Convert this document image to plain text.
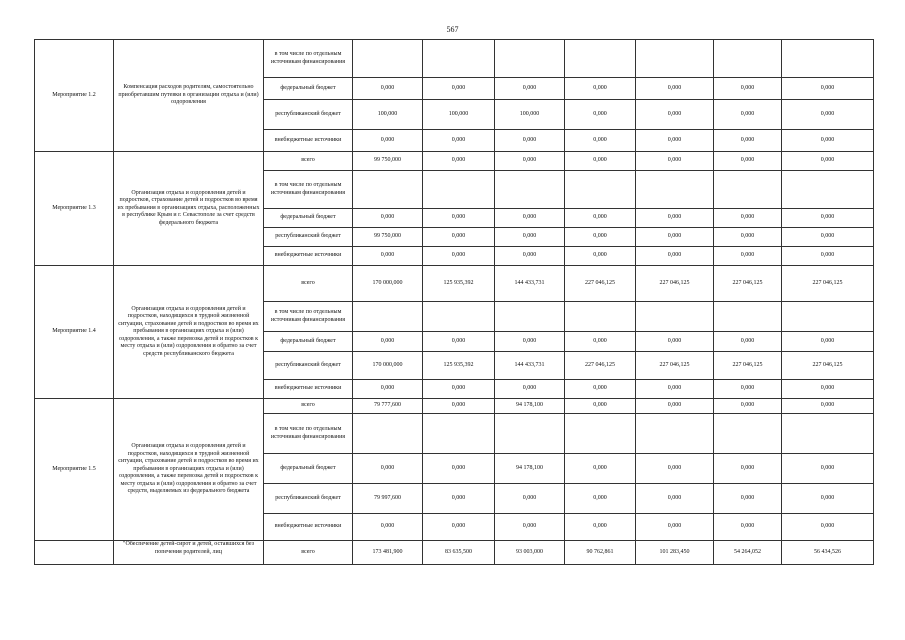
567
Мероприятие 1.2	Компенсация расходов родителям, самостоятельно приобретавшим путевки в организации отдыха и (или) оздоровления	в том числе по отдельным источникам финансирования							
		федеральный бюджет	0,000	0,000	0,000	0,000	0,000	0,000	0,000
		республиканский бюджет	100,000	100,000	100,000	0,000	0,000	0,000	0,000
		внебюджетные источники	0,000	0,000	0,000	0,000	0,000	0,000	0,000
Мероприятие 1.3	Организация отдыха и оздоровления детей и подростков, страхование детей и подростков во время их пребывания в организациях отдыха, расположенных в республике Крым и г. Севастополе за счет средств федерального бюджета	всего	99 750,000	0,000	0,000	0,000	0,000	0,000	0,000
		в том числе по отдельным источникам финансирования							
		федеральный бюджет	0,000	0,000	0,000	0,000	0,000	0,000	0,000
		республиканский бюджет	99 750,000	0,000	0,000	0,000	0,000	0,000	0,000
		внебюджетные источники	0,000	0,000	0,000	0,000	0,000	0,000	0,000
Мероприятие 1.4	Организация отдыха и оздоровления детей и подростков, находящихся в трудной жизненной ситуации, страхование детей и подростков во время их пребывания в организациях отдыха и (или) оздоровления, а также перевозка детей и подростков к месту отдыха и (или) оздоровления и обратно за счет средств республиканского бюджета	всего	170 000,000	125 935,392	144 433,731	227 046,125	227 046,125	227 046,125	227 046,125
		в том числе по отдельным источникам финансирования							
		федеральный бюджет	0,000	0,000	0,000	0,000	0,000	0,000	0,000
		республиканский бюджет	170 000,000	125 935,392	144 433,731	227 046,125	227 046,125	227 046,125	227 046,125
		внебюджетные источники	0,000	0,000	0,000	0,000	0,000	0,000	0,000
Мероприятие 1.5	Организация отдыха и оздоровления детей и подростков, находящихся в трудной жизненной ситуации, страхование детей и подростков во время их пребывания в организациях отдыха и (или) оздоровления, а также перевозка детей и подростков к месту отдыха и (или) оздоровления и обратно за счет средств, выделяемых из федерального бюджета	всего	79 777,600	0,000	94 178,100	0,000	0,000	0,000	0,000
		в том числе по отдельным источникам финансирования							
		федеральный бюджет	0,000	0,000	94 178,100	0,000	0,000	0,000	0,000
		республиканский бюджет	79 997,600	0,000	0,000	0,000	0,000	0,000	0,000
		внебюджетные источники	0,000	0,000	0,000	0,000	0,000	0,000	0,000
	"Обеспечение детей-сирот и детей, оставшихся без попечения родителей, лиц	всего	173 481,900	83 635,500	93 003,000	90 762,861	101 283,450	54 264,052	56 434,526
